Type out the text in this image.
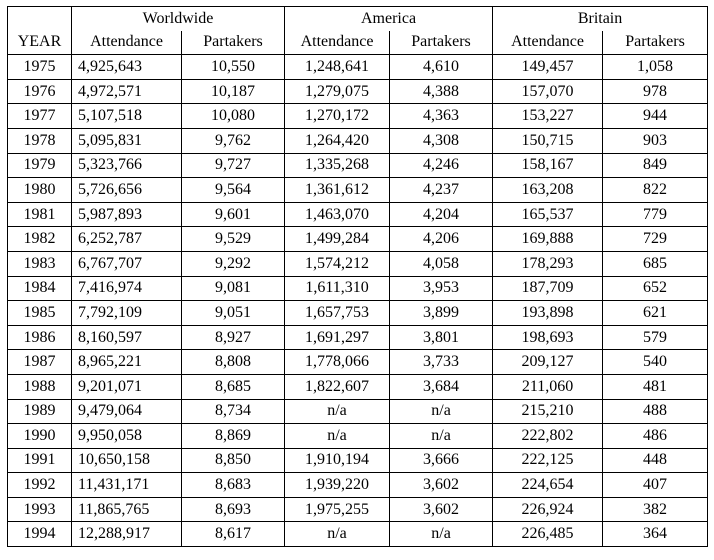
	Worldwide		America		Britain	
YEAR	Attendance	Partakers	Attendance	Partakers	Attendance	Partakers
1975	4,925,643	10,550	1,248,641	4,610	149,457	1,058
1976	4,972,571	10,187	1,279,075	4,388	157,070	978
1977	5,107,518	10,080	1,270,172	4,363	153,227	944
1978	5,095,831	9,762	1,264,420	4,308	150,715	903
1979	5,323,766	9,727	1,335,268	4,246	158,167	849
1980	5,726,656	9,564	1,361,612	4,237	163,208	822
1981	5,987,893	9,601	1,463,070	4,204	165,537	779
1982	6,252,787	9,529	1,499,284	4,206	169,888	729
1983	6,767,707	9,292	1,574,212	4,058	178,293	685
1984	7,416,974	9,081	1,611,310	3,953	187,709	652
1985	7,792,109	9,051	1,657,753	3,899	193,898	621
1986	8,160,597	8,927	1,691,297	3,801	198,693	579
1987	8,965,221	8,808	1,778,066	3,733	209,127	540
1988	9,201,071	8,685	1,822,607	3,684	211,060	481
1989	9,479,064	8,734	n/a	n/a	215,210	488
1990	9,950,058	8,869	n/a	n/a	222,802	486
1991	10,650,158	8,850	1,910,194	3,666	222,125	448
1992	11,431,171	8,683	1,939,220	3,602	224,654	407
1993	11,865,765	8,693	1,975,255	3,602	226,924	382
1994	12,288,917	8,617	n/a	n/a	226,485	364
